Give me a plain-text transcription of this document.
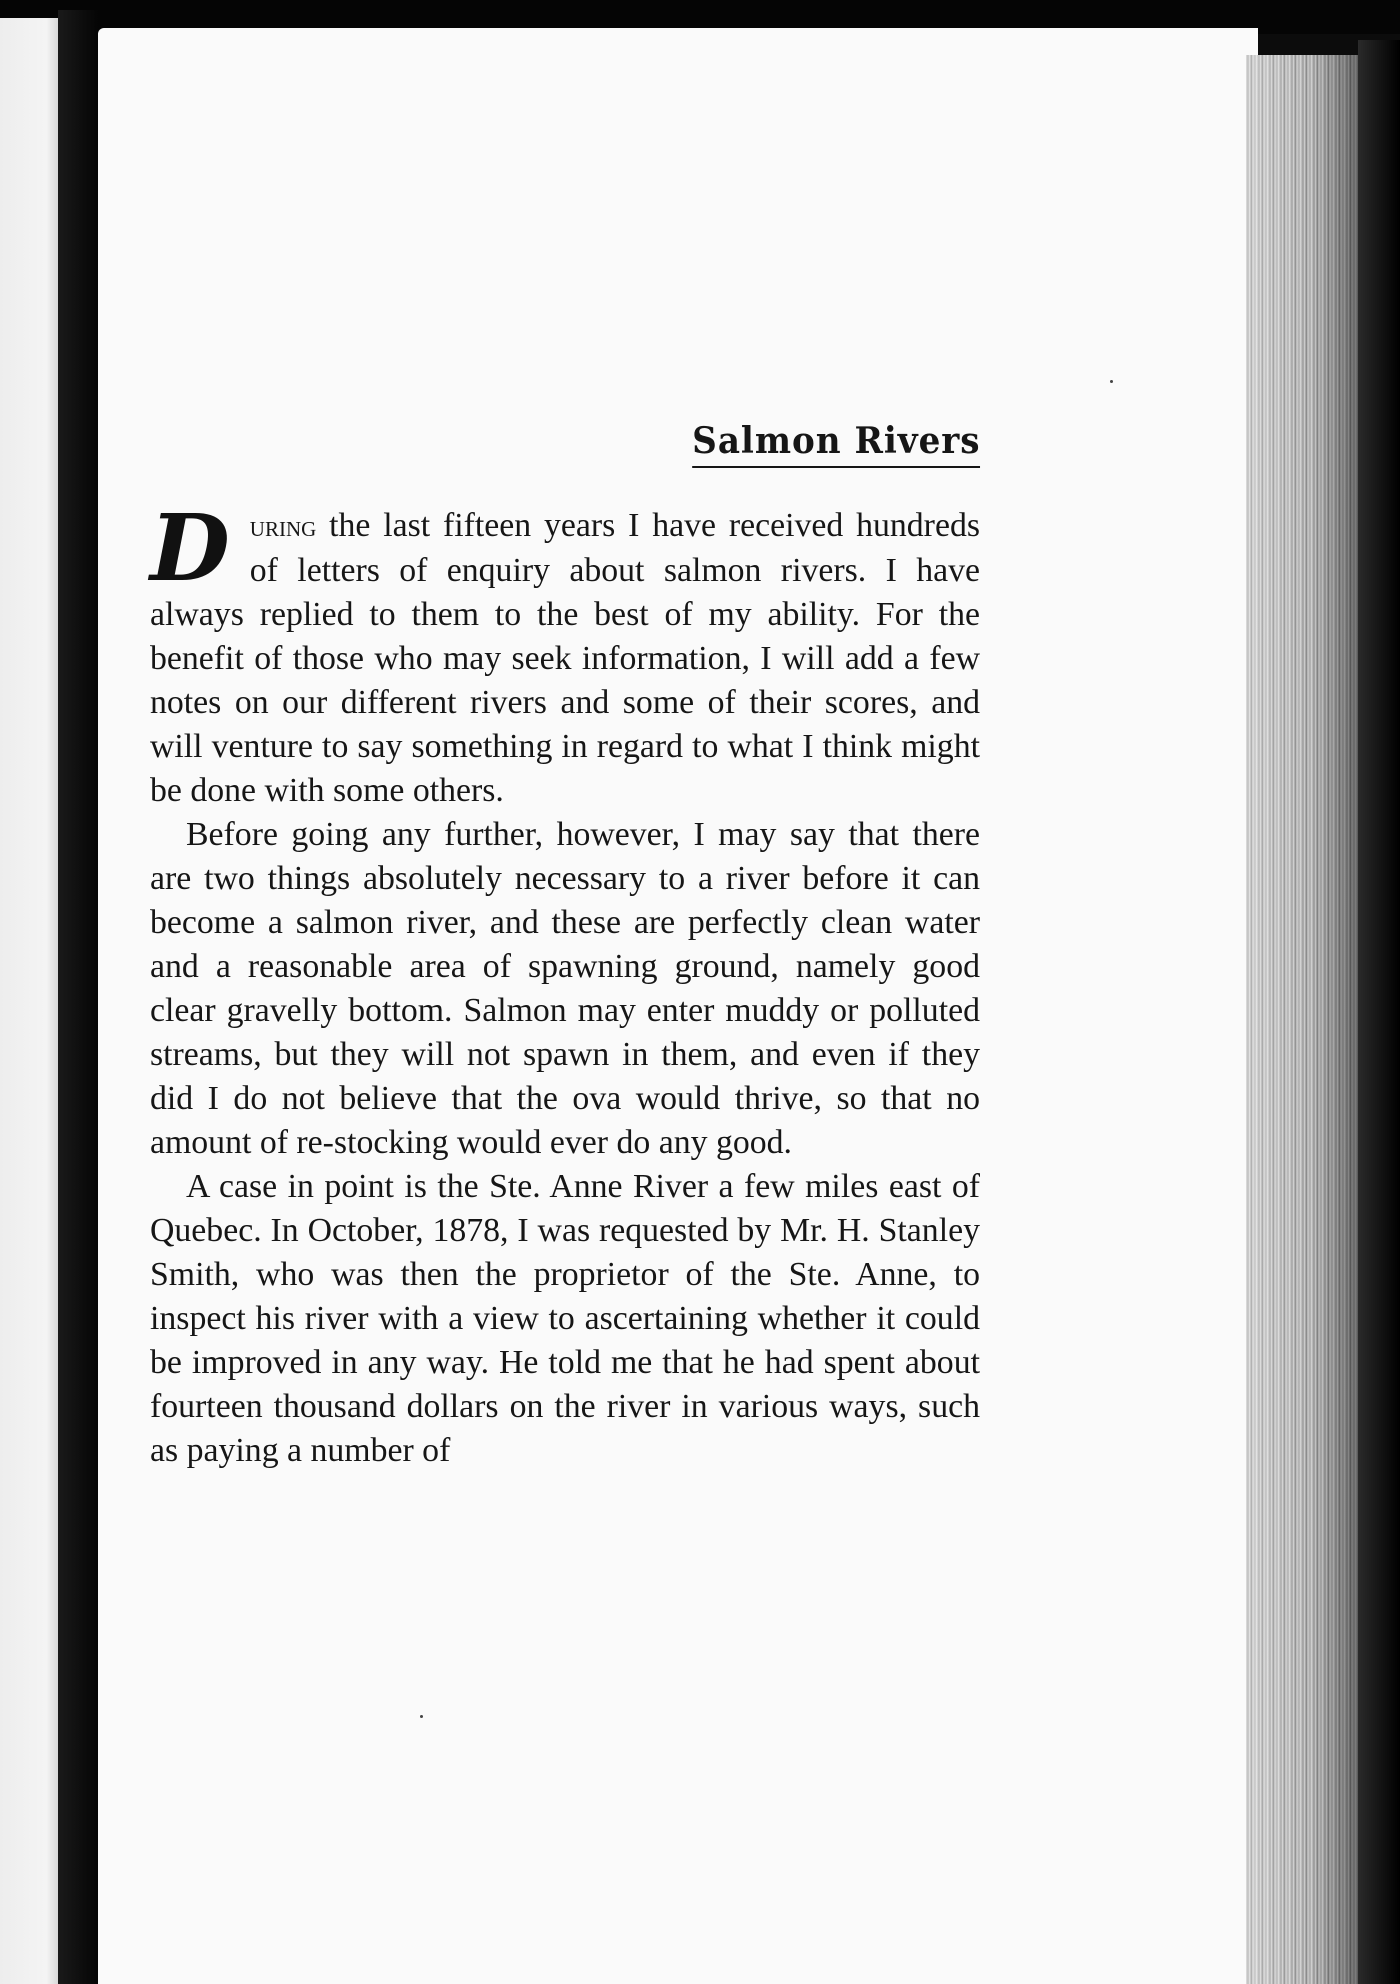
Salmon Rivers

During the last fifteen years I have received hundreds of letters of enquiry about salmon rivers. I have always replied to them to the best of my ability. For the benefit of those who may seek information, I will add a few notes on our different rivers and some of their scores, and will venture to say something in regard to what I think might be done with some others.

Before going any further, however, I may say that there are two things absolutely necessary to a river before it can become a salmon river, and these are perfectly clean water and a reasonable area of spawning ground, namely good clear gravelly bottom. Salmon may enter muddy or polluted streams, but they will not spawn in them, and even if they did I do not believe that the ova would thrive, so that no amount of re-stocking would ever do any good.

A case in point is the Ste. Anne River a few miles east of Quebec. In October, 1878, I was requested by Mr. H. Stanley Smith, who was then the proprietor of the Ste. Anne, to inspect his river with a view to ascertaining whether it could be improved in any way. He told me that he had spent about fourteen thousand dollars on the river in various ways, such as paying a number of
